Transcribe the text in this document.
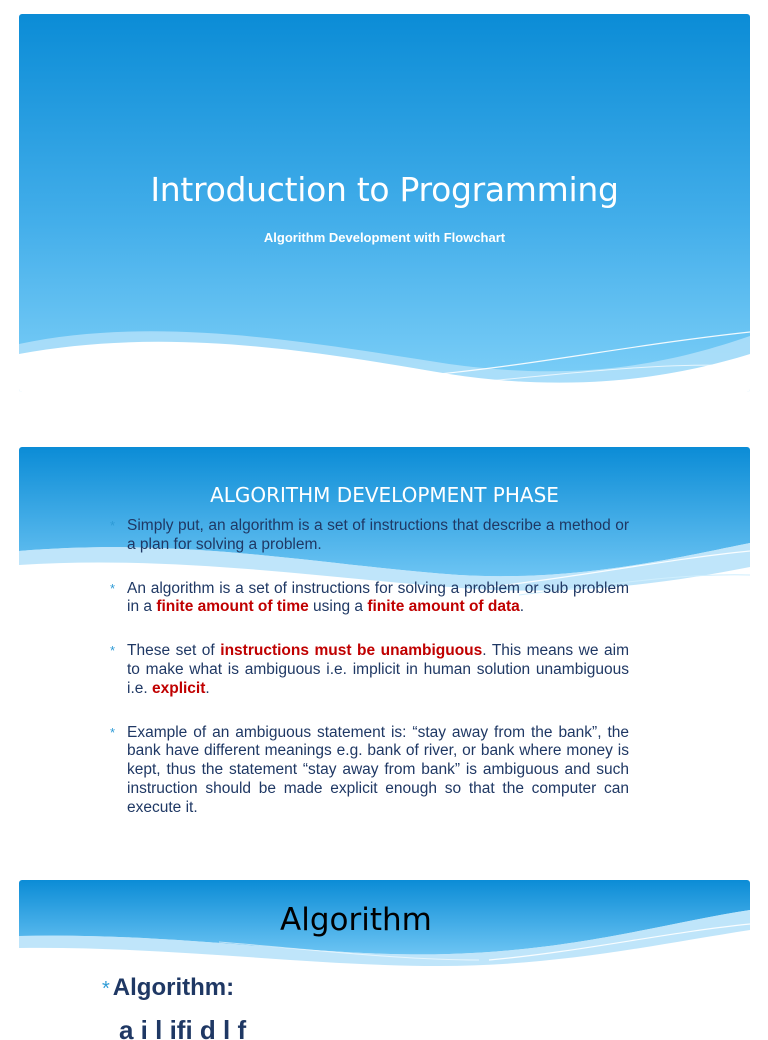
Introduction to Programming
Algorithm Development with Flowchart
ALGORITHM DEVELOPMENT PHASE
* Simply put, an algorithm is a set of instructions that describe a method or a plan for solving a problem.
* An algorithm is a set of instructions for solving a problem or sub problem in a finite amount of time using a finite amount of data.
* These set of instructions must be unambiguous. This means we aim to make what is ambiguous i.e. implicit in human solution unambiguous i.e. explicit.
* Example of an ambiguous statement is: “stay away from the bank”, the bank have different meanings e.g. bank of river, or bank where money is kept, thus the statement “stay away from bank” is ambiguous and such instruction should be made explicit enough so that the computer can execute it.
Algorithm
* Algorithm:
a i l ifi d l f
